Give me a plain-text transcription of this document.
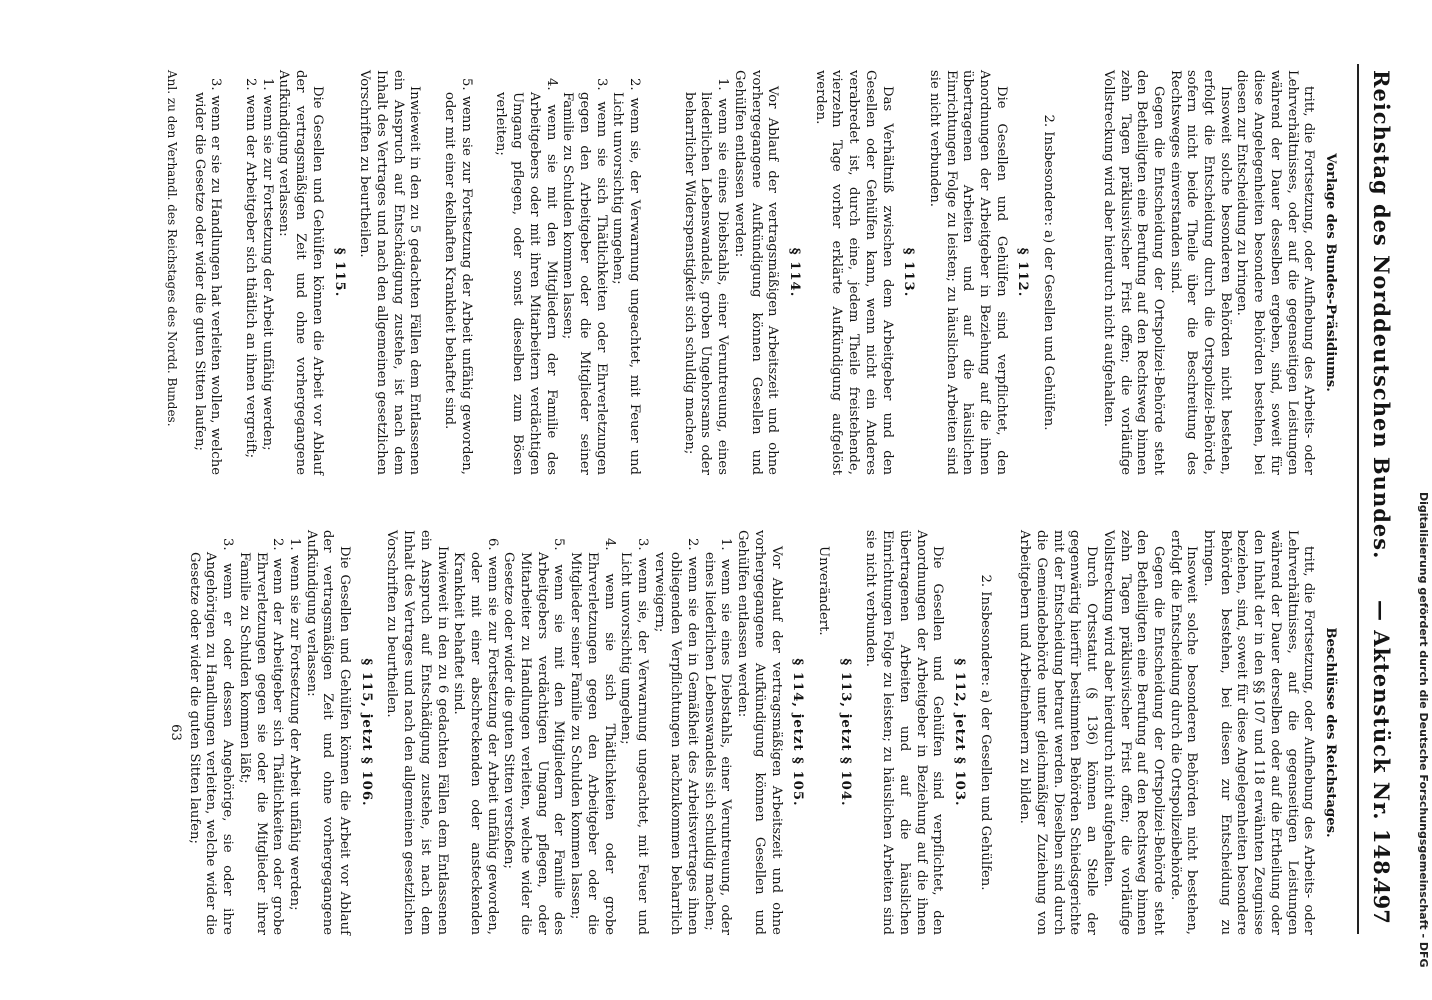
Reichstag des Norddeutschen Bundes.
— Aktenstück Nr. 148.
497

Vorlage des Bundes-Präsidiums.

tritt, die Fortsetzung, oder Aufhebung des Arbeits- oder Lehrverhältnisses, oder auf die gegenseitigen Leistungen während der Dauer desselben ergeben, sind, soweit für diese Angelegenheiten besondere Behörden bestehen, bei diesen zur Entscheidung zu bringen.

Insoweit solche besonderen Behörden nicht bestehen, erfolgt die Entscheidung durch die Ortspolizei-Behörde, sofern nicht beide Theile über die Beschreitung des Rechtsweges einverstanden sind.

Gegen die Entscheidung der Ortspolizei-Behörde steht den Betheiligten eine Berufung auf den Rechtsweg binnen zehn Tagen präklusivischer Frist offen; die vorläufige Vollstreckung wird aber hierdurch nicht aufgehalten.

2. Insbesondere: a) der Gesellen und Gehülfen.

§ 112.

Die Gesellen und Gehülfen sind verpflichtet, den Anordnungen der Arbeitgeber in Beziehung auf die ihnen übertragenen Arbeiten und auf die häuslichen Einrichtungen Folge zu leisten; zu häuslichen Arbeiten sind sie nicht verbunden.

§ 113.

Das Verhältniß zwischen dem Arbeitgeber und den Gesellen oder Gehülfen kann, wenn nicht ein Anderes verabredet ist, durch eine, jedem Theile freistehende, vierzehn Tage vorher erklärte Aufkündigung aufgelöst werden.

§ 114.

Vor Ablauf der vertragsmäßigen Arbeitszeit und ohne vorhergegangene Aufkündigung können Gesellen und Gehülfen entlassen werden:

1. wenn sie eines Diebstahls, einer Veruntreuung, eines liederlichen Lebenswandels, groben Ungehorsams oder beharrlicher Widerspenstigkeit sich schuldig machen;

2. wenn sie, der Verwarnung ungeachtet, mit Feuer und Licht unvorsichtig umgehen;

3. wenn sie sich Thätlichkeiten oder Ehrverletzungen gegen den Arbeitgeber oder die Mitglieder seiner Familie zu Schulden kommen lassen;

4. wenn sie mit den Mitgliedern der Familie des Arbeitgebers oder mit ihren Mitarbeitern verdächtigen Umgang pflegen, oder sonst dieselben zum Bösen verleiten;

5. wenn sie zur Fortsetzung der Arbeit unfähig geworden, oder mit einer ekelhaften Krankheit behaftet sind.

Inwieweit in den zu 5 gedachten Fällen dem Entlassenen ein Anspruch auf Entschädigung zustehe, ist nach dem Inhalt des Vertrages und nach den allgemeinen gesetzlichen Vorschriften zu beurtheilen.

§ 115.

Die Gesellen und Gehülfen können die Arbeit vor Ablauf der vertragsmäßigen Zeit und ohne vorhergegangene Aufkündigung verlassen:

1. wenn sie zur Fortsetzung der Arbeit unfähig werden;

2. wenn der Arbeitgeber sich thätlich an ihnen vergreift;

3. wenn er sie zu Handlungen hat verleiten wollen, welche wider die Gesetze oder wider die guten Sitten laufen;

Anl. zu den Verhandl. des Reichstages des Nordd. Bundes.

Beschlüsse des Reichstages.

tritt, die Fortsetzung, oder Aufhebung des Arbeits- oder Lehrverhältnisses, auf die gegenseitigen Leistungen während der Dauer derselben oder auf die Ertheilung oder den Inhalt der in den §§ 107 und 118 erwähnten Zeugnisse beziehen, sind, soweit für diese Angelegenheiten besondere Behörden bestehen, bei diesen zur Entscheidung zu bringen.

Insoweit solche besonderen Behörden nicht bestehen, erfolgt die Entscheidung durch die Ortspolizeibehörde.

Gegen die Entscheidung der Ortspolizei-Behörde steht den Betheiligten eine Berufung auf den Rechtsweg binnen zehn Tagen präklusivischer Frist offen; die vorläufige Vollstreckung wird aber hierdurch nicht aufgehalten.

Durch Ortsstatut (§ 136) können an Stelle der gegenwärtig hierfür bestimmten Behörden Schiedsgerichte mit der Entscheidung betraut werden. Dieselben sind durch die Gemeindebehörde unter gleichmäßiger Zuziehung von Arbeitgebern und Arbeitnehmern zu bilden.

2. Insbesondere: a) der Gesellen und Gehülfen.

§ 112, jetzt § 103.

Die Gesellen und Gehülfen sind verpflichtet, den Anordnungen der Arbeitgeber in Beziehung auf die ihnen übertragenen Arbeiten und auf die häuslichen Einrichtungen Folge zu leisten; zu häuslichen Arbeiten sind sie nicht verbunden.

§ 113, jetzt § 104.

Unverändert.

§ 114, jetzt § 105.

Vor Ablauf der vertragsmäßigen Arbeitszeit und ohne vorhergegangene Aufkündigung können Gesellen und Gehülfen entlassen werden:

1. wenn sie eines Diebstahls, einer Veruntreuung, oder eines liederlichen Lebenswandels sich schuldig machen;

2. wenn sie den in Gemäßheit des Arbeitsvertrages ihnen obliegenden Verpflichtungen nachzukommen beharrlich verweigern;

3. wenn sie, der Verwarnung ungeachtet, mit Feuer und Licht unvorsichtig umgehen;

4. wenn sie sich Thätlichkeiten oder grobe Ehrverletzungen gegen den Arbeitgeber oder die Mitglieder seiner Familie zu Schulden kommen lassen;

5. wenn sie mit den Mitgliedern der Familie des Arbeitgebers verdächtigen Umgang pflegen, oder Mitarbeiter zu Handlungen verleiten, welche wider die Gesetze oder wider die guten Sitten verstoßen;

6. wenn sie zur Fortsetzung der Arbeit unfähig geworden, oder mit einer abschreckenden oder ansteckenden Krankheit behaftet sind.

Inwieweit in den zu 6 gedachten Fällen dem Entlassenen ein Anspruch auf Entschädigung zustehe, ist nach dem Inhalt des Vertrages und nach den allgemeinen gesetzlichen Vorschriften zu beurtheilen.

§ 115, jetzt § 106.

Die Gesellen und Gehülfen können die Arbeit vor Ablauf der vertragsmäßigen Zeit und ohne vorhergegangene Aufkündigung verlassen:

1. wenn sie zur Fortsetzung der Arbeit unfähig werden;

2. wenn der Arbeitgeber sich Thätlichkeiten oder grobe Ehrverletzungen gegen sie oder die Mitglieder ihrer Familie zu Schulden kommen läßt;

3. wenn er oder dessen Angehörige, sie oder ihre Angehörigen zu Handlungen verleiten, welche wider die Gesetze oder wider die guten Sitten laufen;

63	Digitalisierung gefördert durch die Deutsche Forschungsgemeinschaft - DFG
